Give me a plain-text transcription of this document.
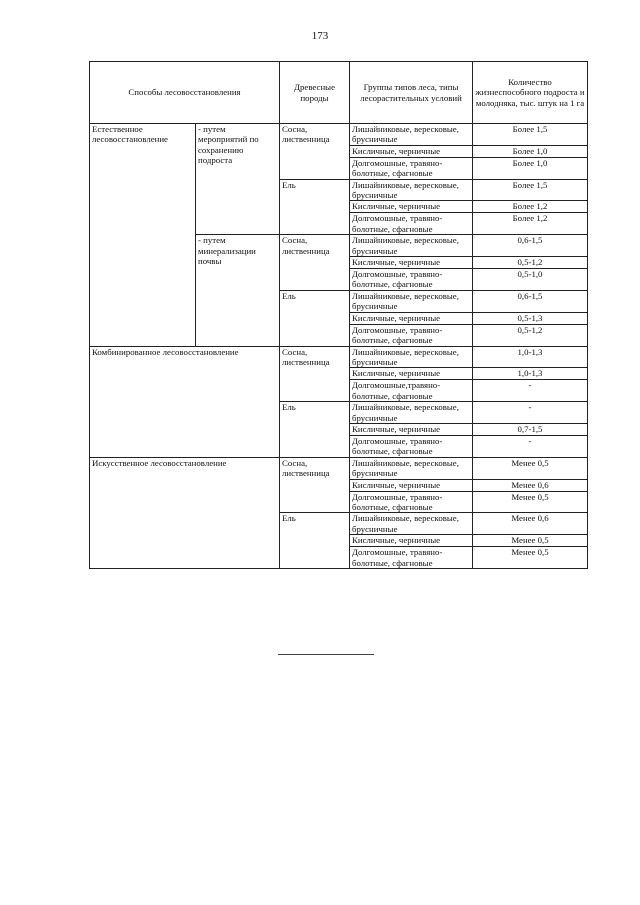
173
Способы лесовосстановления		Древесные породы	Группы типов леса, типы лесорастительных условий	Количество жизнеспособного подроста и молодняка, тыс. штук на 1 га
Естественное лесовосстановление	- путем мероприятий по сохранению подроста	Сосна, лиственница	Лишайниковые, вересковые, брусничные	Более 1,5
			Кисличные, черничные	Более 1,0
			Долгомошные, травяно-болотные, сфагновые	Более 1,0
		Ель	Лишайниковые, вересковые, брусничные	Более 1,5
			Кисличные, черничные	Более 1,2
			Долгомошные, травяно-болотные, сфагновые	Более 1,2
	- путем минерализации почвы	Сосна, лиственница	Лишайниковые, вересковые, брусничные	0,6-1,5
			Кисличные, черничные	0,5-1,2
			Долгомошные, травяно-болотные, сфагновые	0,5-1,0
		Ель	Лишайниковые, вересковые, брусничные	0,6-1,5
			Кисличные, черничные	0,5-1,3
			Долгомошные, травяно-болотные, сфагновые	0,5-1,2
Комбинированное лесовосстановление		Сосна, лиственница	Лишайниковые, вересковые, брусничные	1,0-1,3
			Кисличные, черничные	1,0-1,3
			Долгомошные,травяно-болотные, сфагновые	-
		Ель	Лишайниковые, вересковые, брусничные	-
			Кисличные, черничные	0,7-1,5
			Долгомошные, травяно-болотные, сфагновые	-
Искусственное лесовосстановление		Сосна, лиственница	Лишайниковые, вересковые, брусничные	Менее 0,5
			Кисличные, черничные	Менее 0,6
			Долгомошные, травяно-болотные, сфагновые	Менее 0,5
		Ель	Лишайниковые, вересковые, брусничные	Менее 0,6
			Кисличные, черничные	Менее 0,5
			Долгомошные, травяно-болотные, сфагновые	Менее 0,5
